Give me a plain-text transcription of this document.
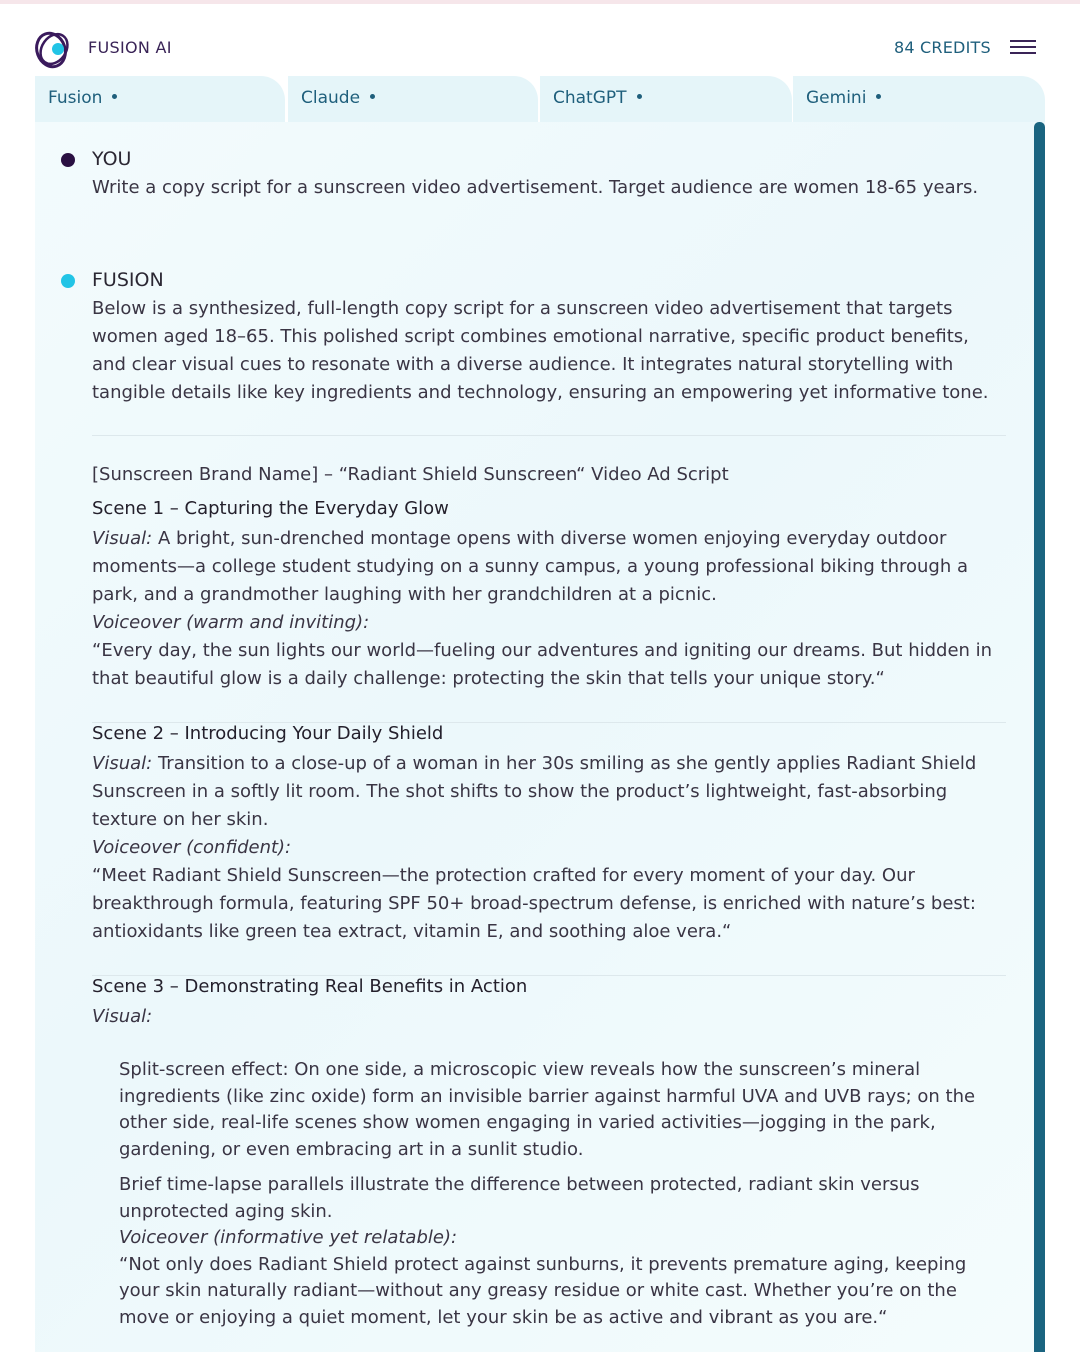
FUSION AI	84 CREDITS
Fusion	Claude	ChatGPT	Gemini
YOU
Write a copy script for a sunscreen video advertisement. Target audience are women 18-65 years.
FUSION
Below is a synthesized, full-length copy script for a sunscreen video advertisement that targets
women aged 18–65. This polished script combines emotional narrative, specific product benefits,
and clear visual cues to resonate with a diverse audience. It integrates natural storytelling with
tangible details like key ingredients and technology, ensuring an empowering yet informative tone.
[Sunscreen Brand Name] – “Radiant Shield Sunscreen“ Video Ad Script
Scene 1 – Capturing the Everyday Glow
Visual: A bright, sun-drenched montage opens with diverse women enjoying everyday outdoor
moments—a college student studying on a sunny campus, a young professional biking through a
park, and a grandmother laughing with her grandchildren at a picnic.
Voiceover (warm and inviting):
“Every day, the sun lights our world—fueling our adventures and igniting our dreams. But hidden in
that beautiful glow is a daily challenge: protecting the skin that tells your unique story.“
Scene 2 – Introducing Your Daily Shield
Visual: Transition to a close-up of a woman in her 30s smiling as she gently applies Radiant Shield
Sunscreen in a softly lit room. The shot shifts to show the product’s lightweight, fast-absorbing
texture on her skin.
Voiceover (confident):
“Meet Radiant Shield Sunscreen—the protection crafted for every moment of your day. Our
breakthrough formula, featuring SPF 50+ broad-spectrum defense, is enriched with nature’s best:
antioxidants like green tea extract, vitamin E, and soothing aloe vera.“
Scene 3 – Demonstrating Real Benefits in Action
Visual:
Split-screen effect: On one side, a microscopic view reveals how the sunscreen’s mineral
ingredients (like zinc oxide) form an invisible barrier against harmful UVA and UVB rays; on the
other side, real-life scenes show women engaging in varied activities—jogging in the park,
gardening, or even embracing art in a sunlit studio.
Brief time-lapse parallels illustrate the difference between protected, radiant skin versus
unprotected aging skin.
Voiceover (informative yet relatable):
“Not only does Radiant Shield protect against sunburns, it prevents premature aging, keeping
your skin naturally radiant—without any greasy residue or white cast. Whether you’re on the
move or enjoying a quiet moment, let your skin be as active and vibrant as you are.“
